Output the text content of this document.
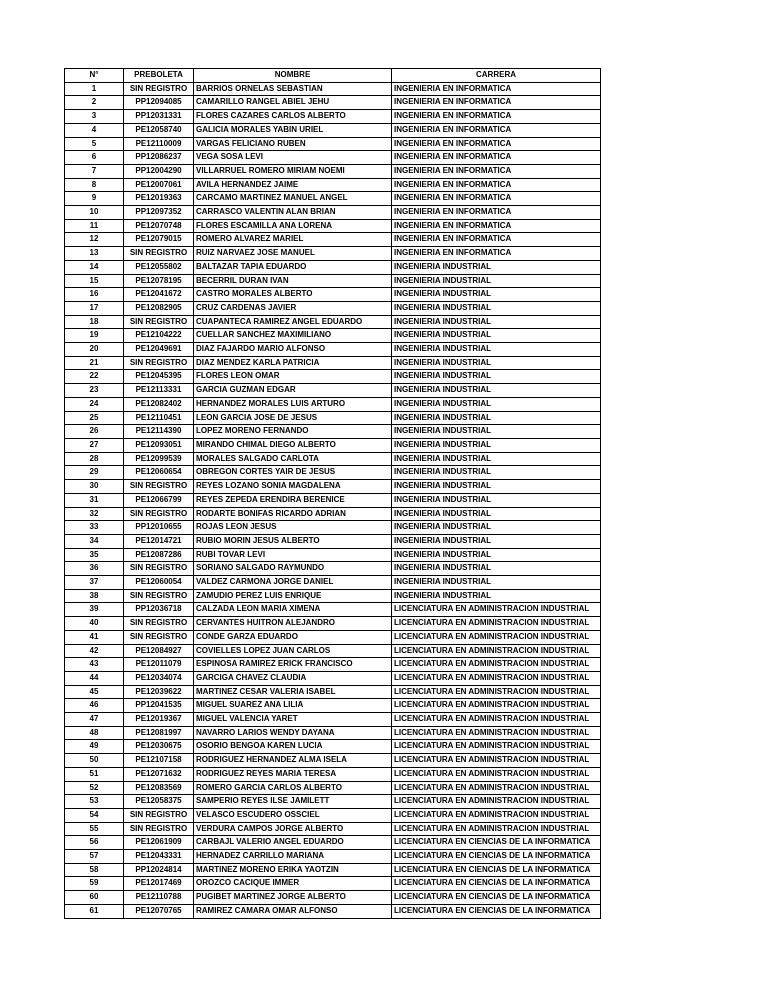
N°	PREBOLETA	NOMBRE	CARRERA
1	SIN REGISTRO	BARRIOS ORNELAS SEBASTIAN	INGENIERIA EN INFORMATICA
2	PP12094085	CAMARILLO RANGEL ABIEL JEHU	INGENIERIA EN INFORMATICA
3	PP12031331	FLORES CAZARES CARLOS ALBERTO	INGENIERIA EN INFORMATICA
4	PE12058740	GALICIA MORALES YABIN URIEL	INGENIERIA EN INFORMATICA
5	PE12110009	VARGAS FELICIANO RUBEN	INGENIERIA EN INFORMATICA
6	PP12086237	VEGA SOSA LEVI	INGENIERIA EN INFORMATICA
7	PP12004290	VILLARRUEL ROMERO MIRIAM NOEMI	INGENIERIA EN INFORMATICA
8	PE12007061	AVILA HERNANDEZ JAIME	INGENIERIA EN INFORMATICA
9	PE12019363	CARCAMO MARTINEZ MANUEL ANGEL	INGENIERIA EN INFORMATICA
10	PP12097352	CARRASCO VALENTIN ALAN BRIAN	INGENIERIA EN INFORMATICA
11	PE12070748	FLORES ESCAMILLA ANA LORENA	INGENIERIA EN INFORMATICA
12	PE12079015	ROMERO ALVAREZ MARIEL	INGENIERIA EN INFORMATICA
13	SIN REGISTRO	RUIZ NARVAEZ JOSE MANUEL	INGENIERIA EN INFORMATICA
14	PE12055802	BALTAZAR TAPIA EDUARDO	INGENIERIA INDUSTRIAL
15	PE12078195	BECERRIL DURAN IVAN	INGENIERIA INDUSTRIAL
16	PE12041672	CASTRO MORALES ALBERTO	INGENIERIA INDUSTRIAL
17	PE12082905	CRUZ CARDENAS JAVIER	INGENIERIA INDUSTRIAL
18	SIN REGISTRO	CUAPANTECA RAMIREZ ANGEL EDUARDO	INGENIERIA INDUSTRIAL
19	PE12104222	CUELLAR SANCHEZ MAXIMILIANO	INGENIERIA INDUSTRIAL
20	PE12049691	DIAZ FAJARDO MARIO ALFONSO	INGENIERIA INDUSTRIAL
21	SIN REGISTRO	DIAZ MENDEZ KARLA PATRICIA	INGENIERIA INDUSTRIAL
22	PE12045395	FLORES LEON OMAR	INGENIERIA INDUSTRIAL
23	PE12113331	GARCIA GUZMAN EDGAR	INGENIERIA INDUSTRIAL
24	PE12082402	HERNANDEZ MORALES LUIS ARTURO	INGENIERIA INDUSTRIAL
25	PE12110451	LEON GARCIA JOSE DE JESUS	INGENIERIA INDUSTRIAL
26	PE12114390	LOPEZ MORENO FERNANDO	INGENIERIA INDUSTRIAL
27	PE12093051	MIRANDO CHIMAL DIEGO ALBERTO	INGENIERIA INDUSTRIAL
28	PE12099539	MORALES SALGADO CARLOTA	INGENIERIA INDUSTRIAL
29	PE12060654	OBREGON CORTES YAIR DE JESUS	INGENIERIA INDUSTRIAL
30	SIN REGISTRO	REYES LOZANO SONIA MAGDALENA	INGENIERIA INDUSTRIAL
31	PE12066799	REYES ZEPEDA ERENDIRA BERENICE	INGENIERIA INDUSTRIAL
32	SIN REGISTRO	RODARTE BONIFAS RICARDO ADRIAN	INGENIERIA INDUSTRIAL
33	PP12010655	ROJAS LEON JESUS	INGENIERIA INDUSTRIAL
34	PE12014721	RUBIO MORIN JESUS ALBERTO	INGENIERIA INDUSTRIAL
35	PE12087286	RUBI TOVAR LEVI	INGENIERIA INDUSTRIAL
36	SIN REGISTRO	SORIANO SALGADO RAYMUNDO	INGENIERIA INDUSTRIAL
37	PE12060054	VALDEZ CARMONA JORGE DANIEL	INGENIERIA INDUSTRIAL
38	SIN REGISTRO	ZAMUDIO PEREZ LUIS ENRIQUE	INGENIERIA INDUSTRIAL
39	PP12036718	CALZADA LEON MARIA XIMENA	LICENCIATURA EN ADMINISTRACION INDUSTRIAL
40	SIN REGISTRO	CERVANTES HUITRON ALEJANDRO	LICENCIATURA EN ADMINISTRACION INDUSTRIAL
41	SIN REGISTRO	CONDE GARZA EDUARDO	LICENCIATURA EN ADMINISTRACION INDUSTRIAL
42	PE12084927	COVIELLES LOPEZ JUAN CARLOS	LICENCIATURA EN ADMINISTRACION INDUSTRIAL
43	PE12011079	ESPINOSA RAMIREZ ERICK FRANCISCO	LICENCIATURA EN ADMINISTRACION INDUSTRIAL
44	PE12034074	GARCIGA CHAVEZ CLAUDIA	LICENCIATURA EN ADMINISTRACION INDUSTRIAL
45	PE12039622	MARTINEZ CESAR VALERIA ISABEL	LICENCIATURA EN ADMINISTRACION INDUSTRIAL
46	PP12041535	MIGUEL SUAREZ ANA LILIA	LICENCIATURA EN ADMINISTRACION INDUSTRIAL
47	PE12019367	MIGUEL VALENCIA YARET	LICENCIATURA EN ADMINISTRACION INDUSTRIAL
48	PE12081997	NAVARRO LARIOS WENDY DAYANA	LICENCIATURA EN ADMINISTRACION INDUSTRIAL
49	PE12030675	OSORIO BENGOA KAREN LUCIA	LICENCIATURA EN ADMINISTRACION INDUSTRIAL
50	PE12107158	RODRIGUEZ HERNANDEZ ALMA ISELA	LICENCIATURA EN ADMINISTRACION INDUSTRIAL
51	PE12071632	RODRIGUEZ REYES MARIA TERESA	LICENCIATURA EN ADMINISTRACION INDUSTRIAL
52	PE12083569	ROMERO GARCIA CARLOS ALBERTO	LICENCIATURA EN ADMINISTRACION INDUSTRIAL
53	PE12058375	SAMPERIO REYES ILSE JAMILETT	LICENCIATURA EN ADMINISTRACION INDUSTRIAL
54	SIN REGISTRO	VELASCO ESCUDERO OSSCIEL	LICENCIATURA EN ADMINISTRACION INDUSTRIAL
55	SIN REGISTRO	VERDURA CAMPOS JORGE ALBERTO	LICENCIATURA EN ADMINISTRACION INDUSTRIAL
56	PE12061909	CARBAJL VALERIO ANGEL EDUARDO	LICENCIATURA EN CIENCIAS DE LA INFORMATICA
57	PE12043331	HERNADEZ CARRILLO MARIANA	LICENCIATURA EN CIENCIAS DE LA INFORMATICA
58	PP12024814	MARTINEZ MORENO ERIKA YAOTZIN	LICENCIATURA EN CIENCIAS DE LA INFORMATICA
59	PE12017469	OROZCO CACIQUE IMMER	LICENCIATURA EN CIENCIAS DE LA INFORMATICA
60	PE12110788	PUGIBET MARTINEZ JORGE ALBERTO	LICENCIATURA EN CIENCIAS DE LA INFORMATICA
61	PE12070765	RAMIREZ CAMARA OMAR ALFONSO	LICENCIATURA EN CIENCIAS DE LA INFORMATICA
